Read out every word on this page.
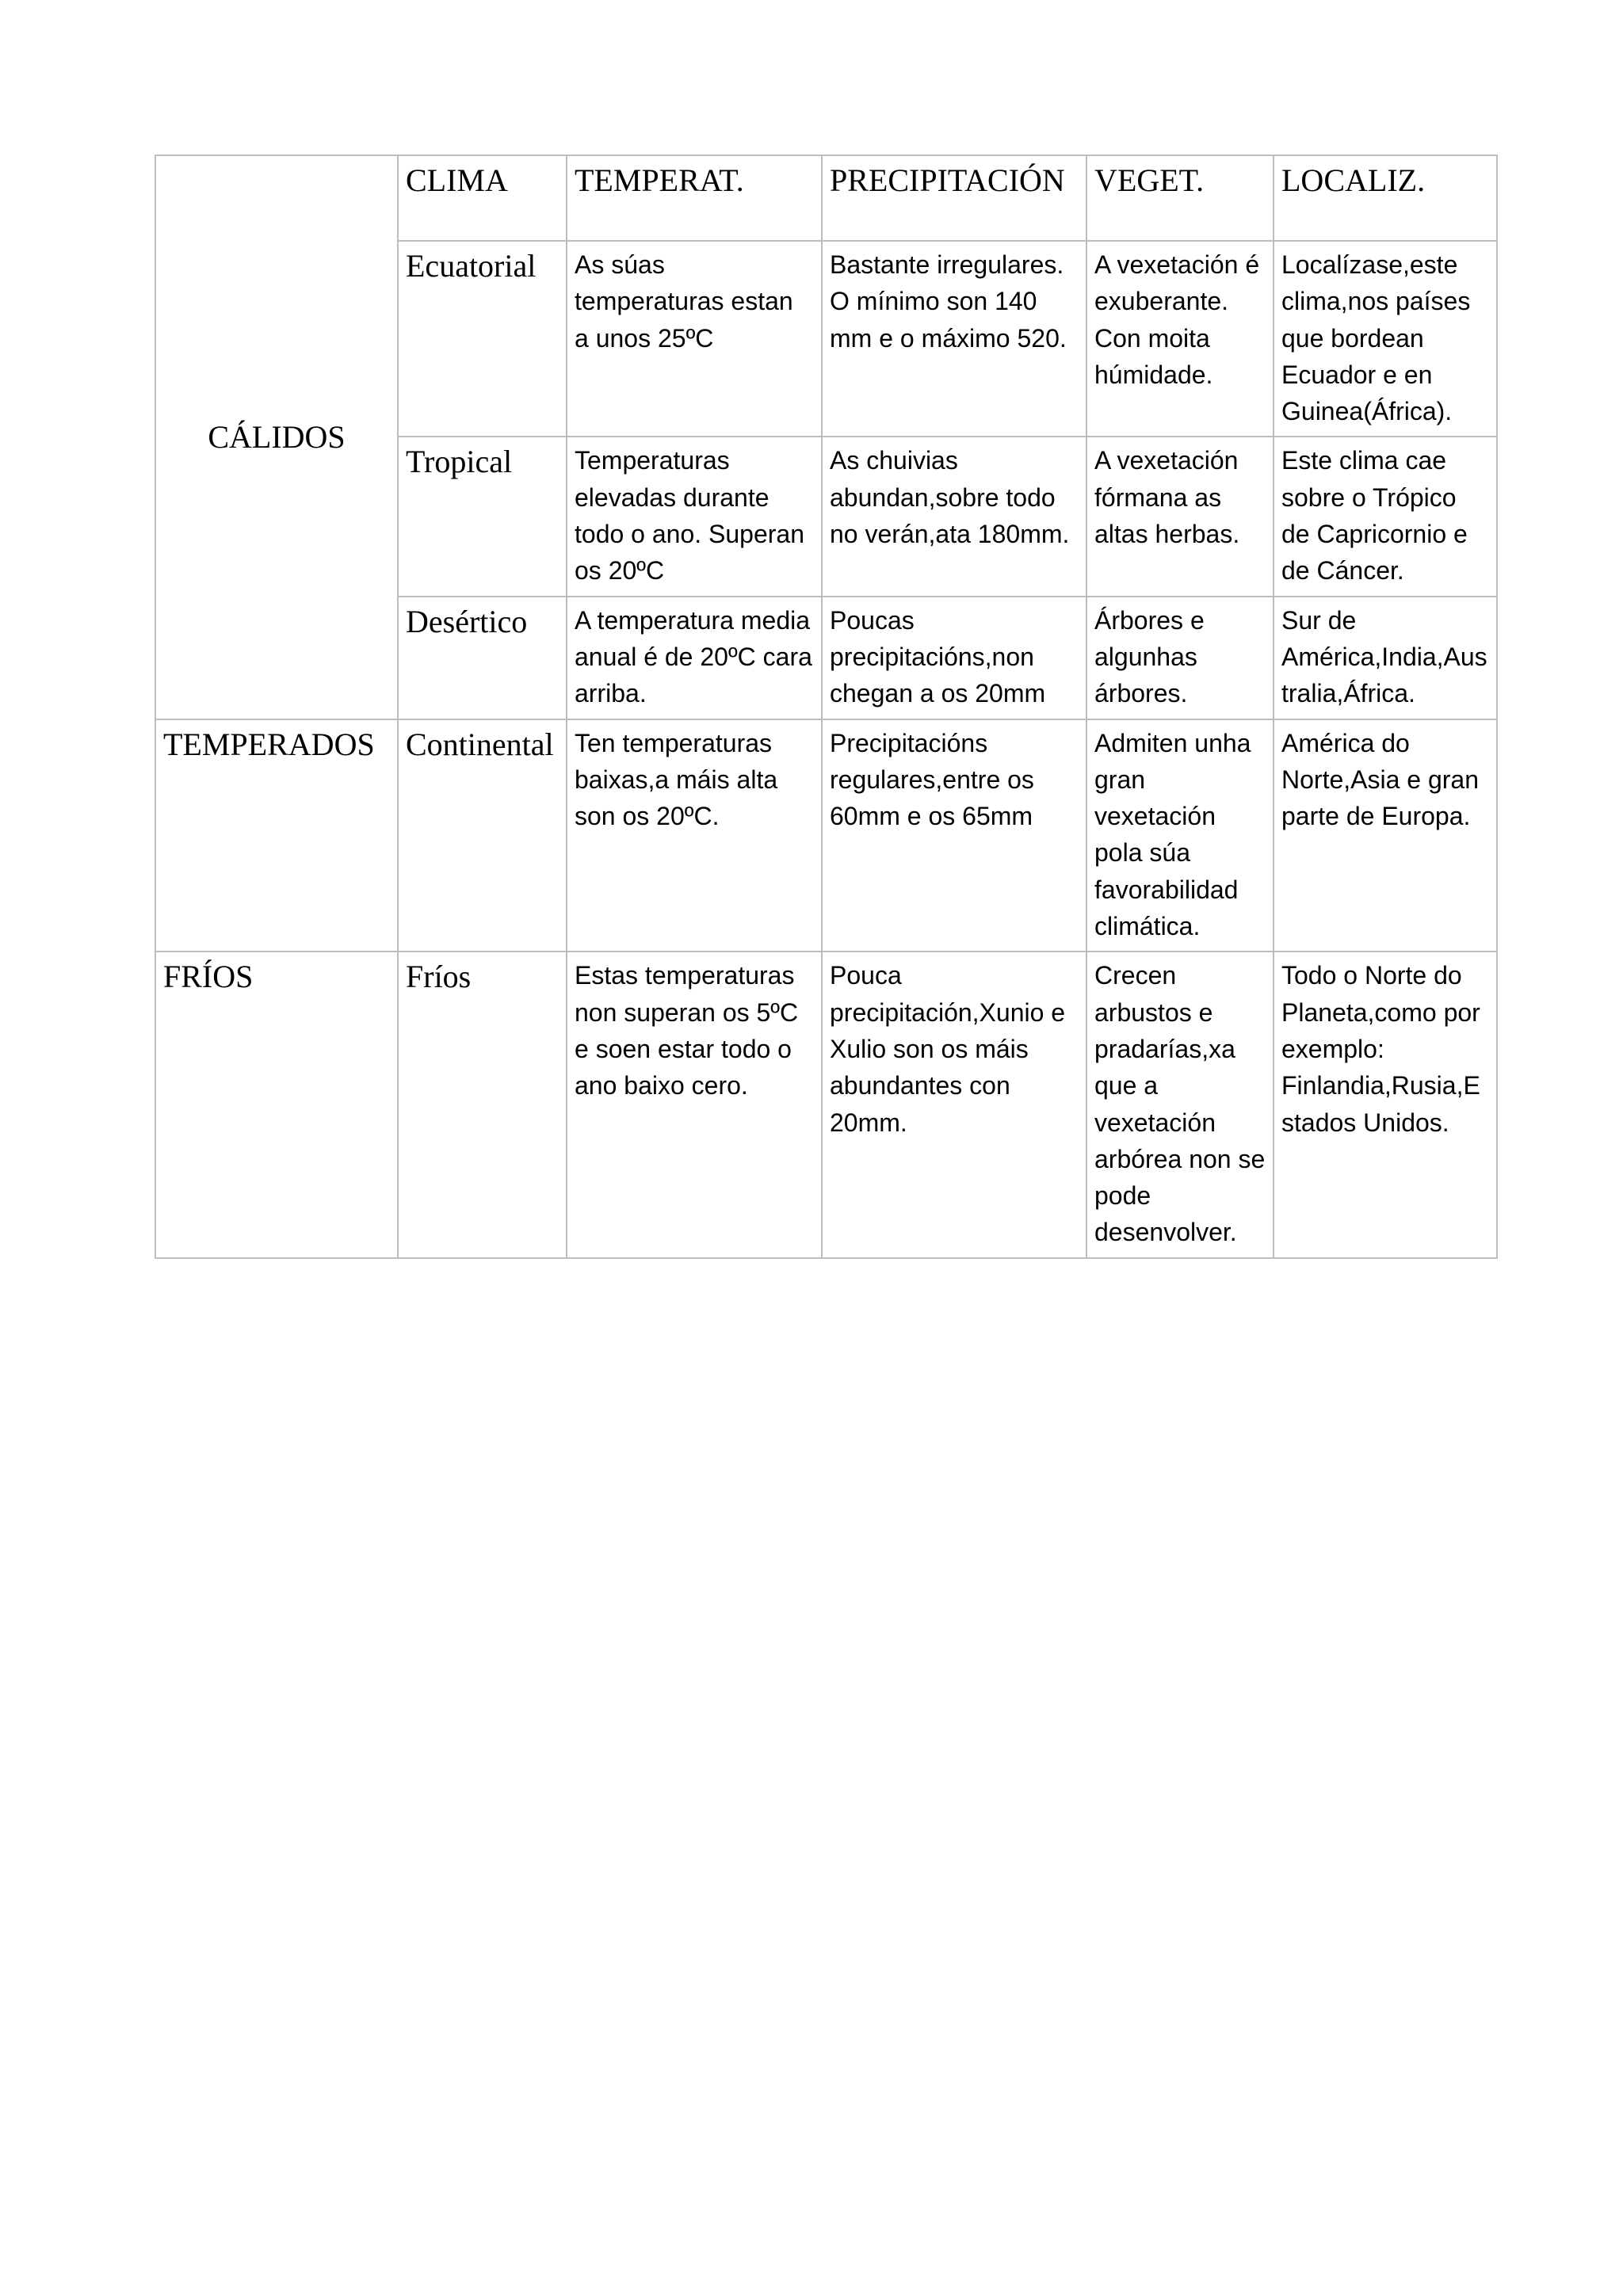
CÁLIDOS	CLIMA	TEMPERAT.	PRECIPITACIÓN	VEGET.	LOCALIZ.
	Ecuatorial	As súas temperaturas estan a unos 25ºC	Bastante irregulares. O mínimo son 140 mm e o máximo 520.	A vexetación é exuberante. Con moita húmidade.	Localízase,este clima,nos países que bordean Ecuador e en Guinea(África).
	Tropical	Temperaturas elevadas durante todo o ano. Superan os 20ºC	As chuivias abundan,sobre todo no verán,ata 180mm.	A vexetación fórmana as altas herbas.	Este clima cae sobre o Trópico de Capricornio e de Cáncer.
	Desértico	A temperatura media anual é de 20ºC cara arriba.	Poucas precipitacións,non chegan a os 20mm	Árbores e algunhas árbores.	Sur de América,India,Australia,África.
TEMPERADOS	Continental	Ten temperaturas baixas,a máis alta son os 20ºC.	Precipitacións regulares,entre os 60mm e os 65mm	Admiten unha gran vexetación pola súa favorabilidad climática.	América do Norte,Asia e gran parte de Europa.
FRÍOS	Fríos	Estas temperaturas non superan os 5ºC e soen estar todo o ano baixo cero.	Pouca precipitación,Xunio e Xulio son os máis abundantes con 20mm.	Crecen arbustos e pradarías,xa que a vexetación arbórea non se pode desenvolver.	Todo o Norte do Planeta,como por exemplo: Finlandia,Rusia,Estados Unidos.
